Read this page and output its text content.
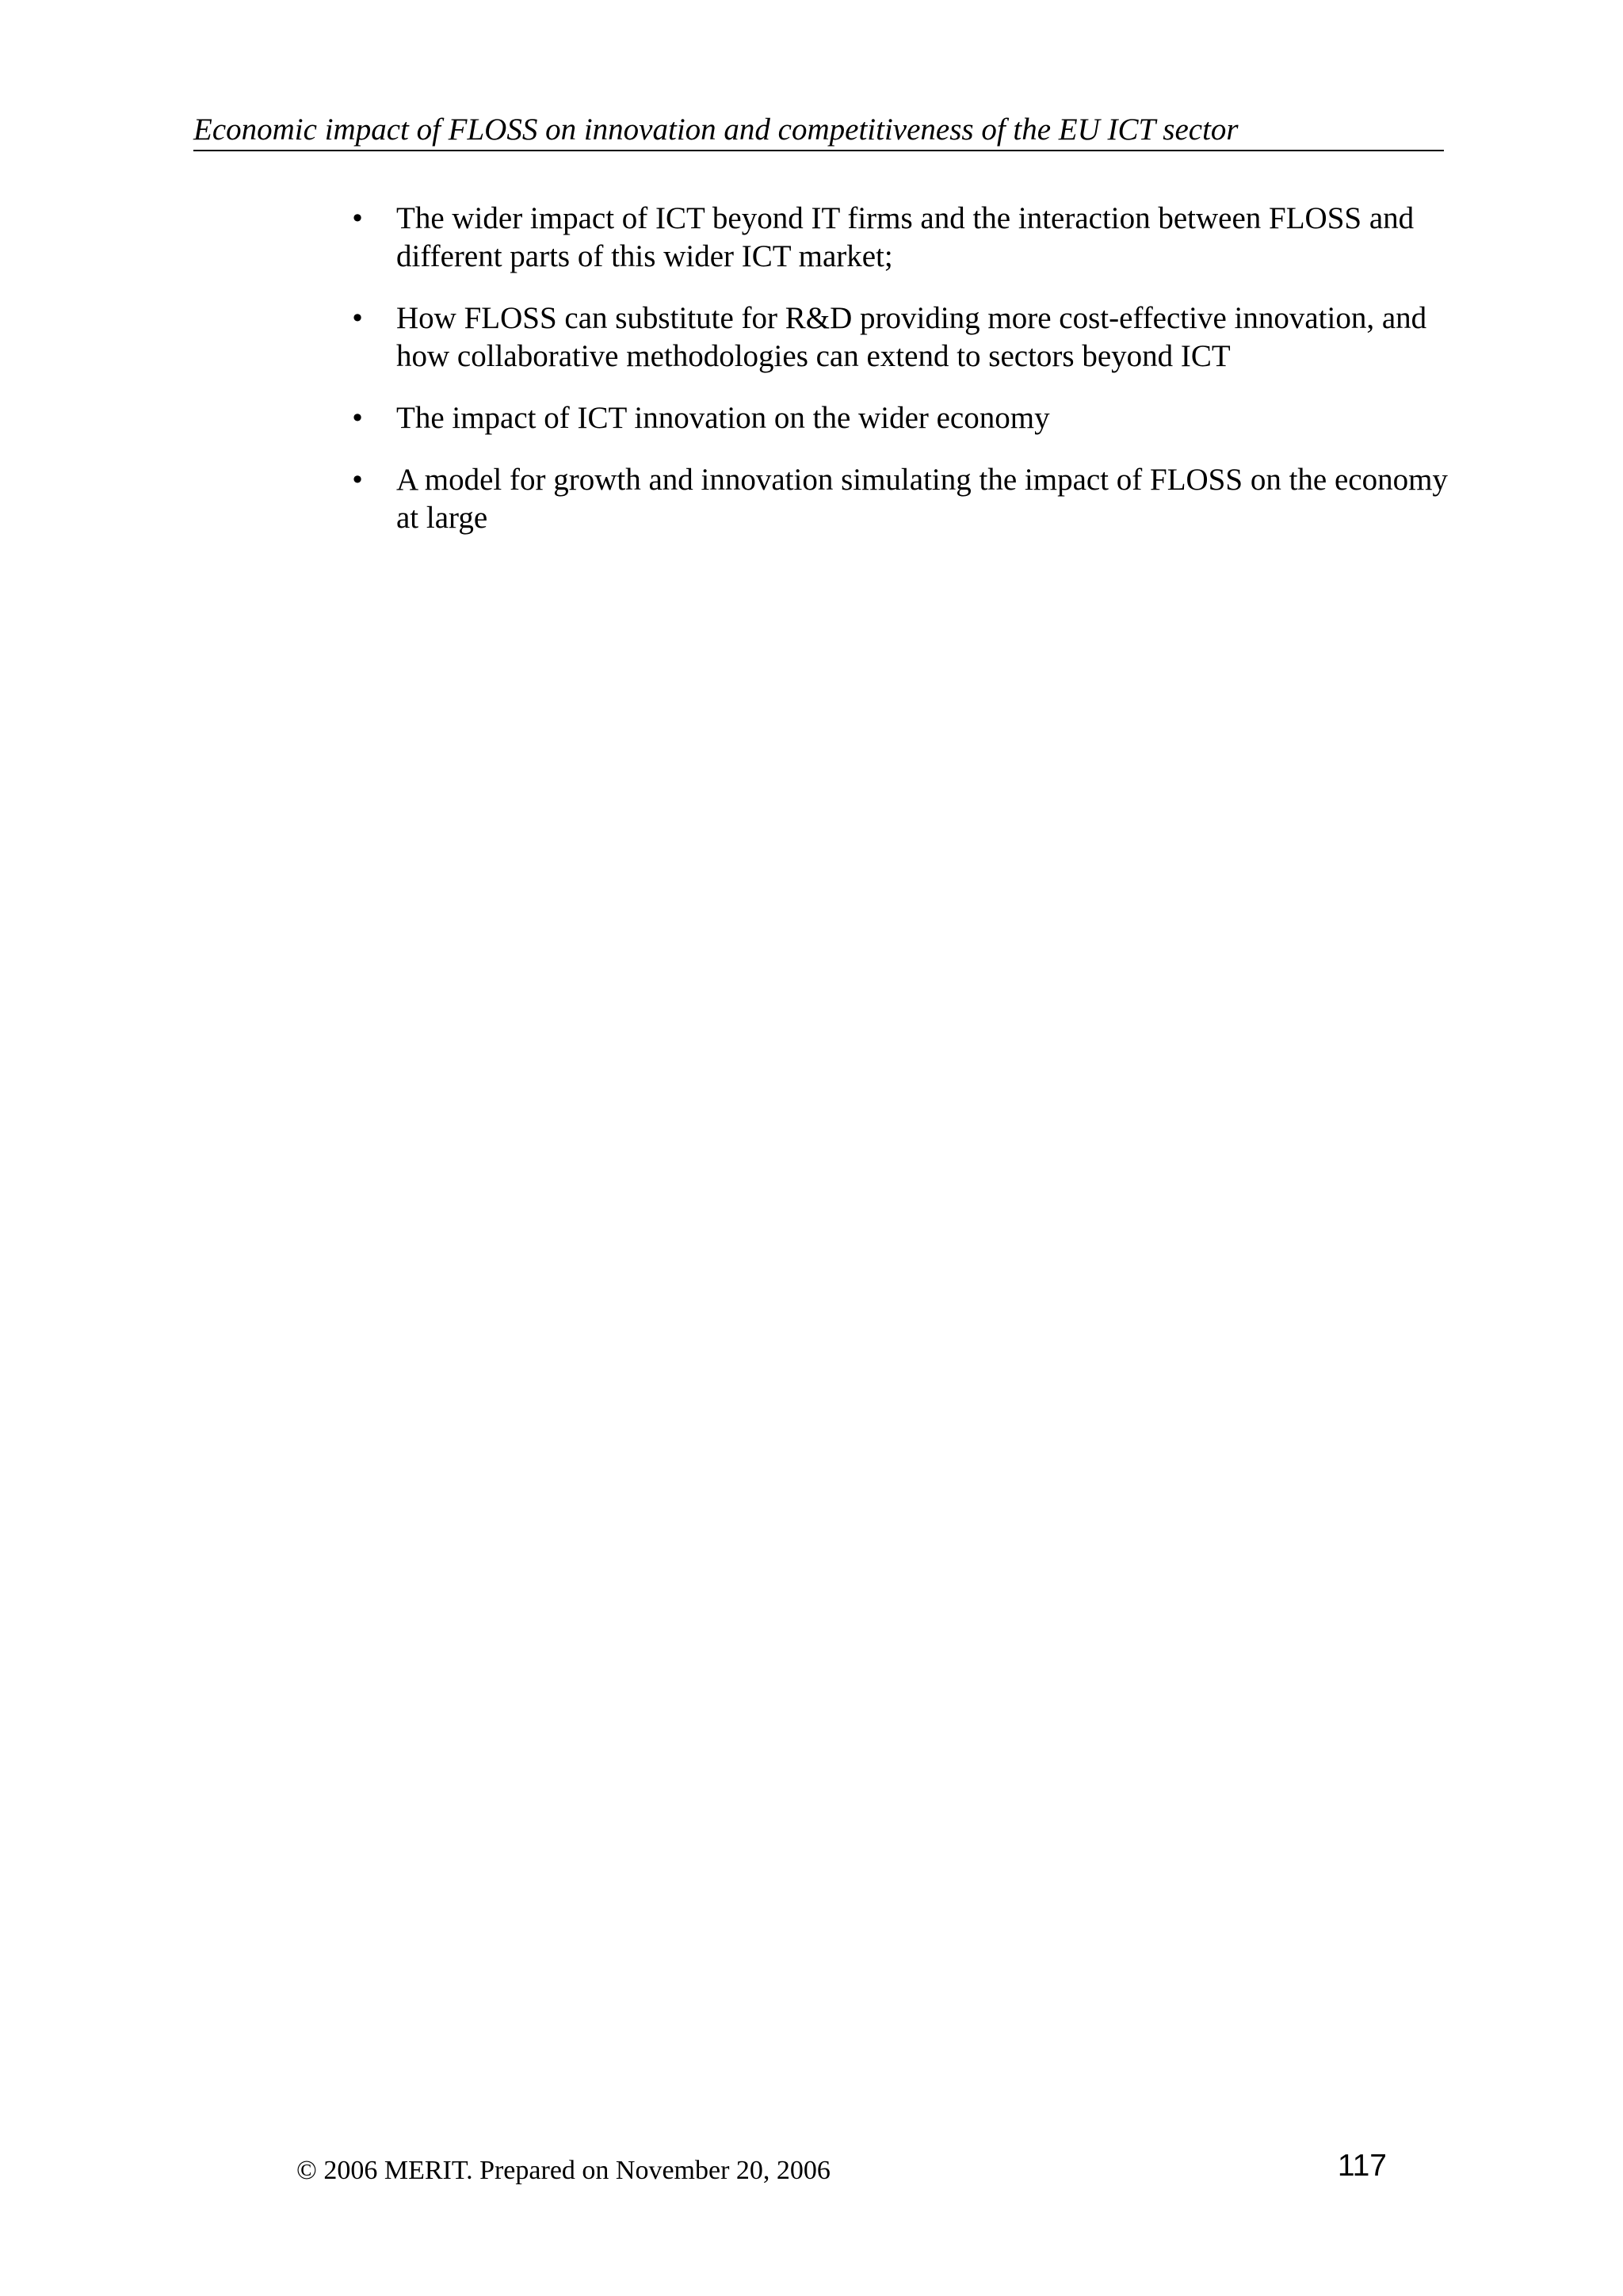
Economic impact of FLOSS on innovation and competitiveness of the EU ICT sector
• The wider impact of ICT beyond IT firms and the interaction between FLOSS and different parts of this wider ICT market;
• How FLOSS can substitute for R&D providing more cost-effective innovation, and how collaborative methodologies can extend to sectors beyond ICT
• The impact of ICT innovation on the wider economy
• A model for growth and innovation simulating the impact of FLOSS on the economy at large
© 2006 MERIT. Prepared on November 20, 2006	117
